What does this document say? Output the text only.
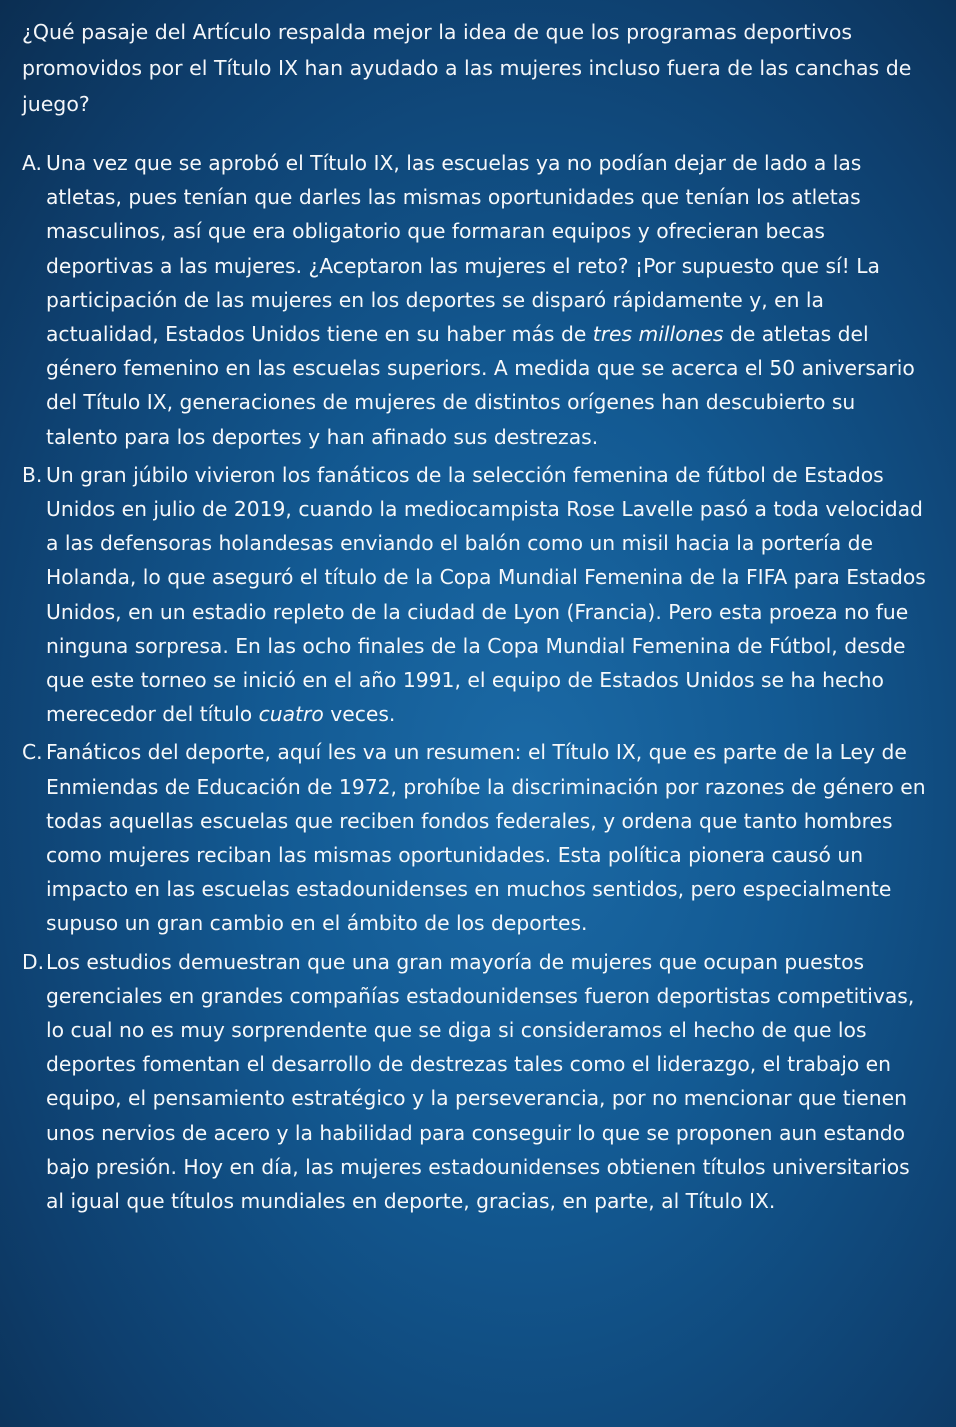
¿Qué pasaje del Artículo respalda mejor la idea de que los programas deportivos promovidos por el Título IX han ayudado a las mujeres incluso fuera de las canchas de juego?

A. Una vez que se aprobó el Título IX, las escuelas ya no podían dejar de lado a las atletas, pues tenían que darles las mismas oportunidades que tenían los atletas masculinos, así que era obligatorio que formaran equipos y ofrecieran becas deportivas a las mujeres. ¿Aceptaron las mujeres el reto? ¡Por supuesto que sí! La participación de las mujeres en los deportes se disparó rápidamente y, en la actualidad, Estados Unidos tiene en su haber más de tres millones de atletas del género femenino en las escuelas superiors. A medida que se acerca el 50 aniversario del Título IX, generaciones de mujeres de distintos orígenes han descubierto su talento para los deportes y han afinado sus destrezas.
B. Un gran júbilo vivieron los fanáticos de la selección femenina de fútbol de Estados Unidos en julio de 2019, cuando la mediocampista Rose Lavelle pasó a toda velocidad a las defensoras holandesas enviando el balón como un misil hacia la portería de Holanda, lo que aseguró el título de la Copa Mundial Femenina de la FIFA para Estados Unidos, en un estadio repleto de la ciudad de Lyon (Francia). Pero esta proeza no fue ninguna sorpresa. En las ocho finales de la Copa Mundial Femenina de Fútbol, desde que este torneo se inició en el año 1991, el equipo de Estados Unidos se ha hecho merecedor del título cuatro veces.
C. Fanáticos del deporte, aquí les va un resumen: el Título IX, que es parte de la Ley de Enmiendas de Educación de 1972, prohíbe la discriminación por razones de género en todas aquellas escuelas que reciben fondos federales, y ordena que tanto hombres como mujeres reciban las mismas oportunidades. Esta política pionera causó un impacto en las escuelas estadounidenses en muchos sentidos, pero especialmente supuso un gran cambio en el ámbito de los deportes.
D. Los estudios demuestran que una gran mayoría de mujeres que ocupan puestos gerenciales en grandes compañías estadounidenses fueron deportistas competitivas, lo cual no es muy sorprendente que se diga si consideramos el hecho de que los deportes fomentan el desarrollo de destrezas tales como el liderazgo, el trabajo en equipo, el pensamiento estratégico y la perseverancia, por no mencionar que tienen unos nervios de acero y la habilidad para conseguir lo que se proponen aun estando bajo presión. Hoy en día, las mujeres estadounidenses obtienen títulos universitarios al igual que títulos mundiales en deporte, gracias, en parte, al Título IX.
